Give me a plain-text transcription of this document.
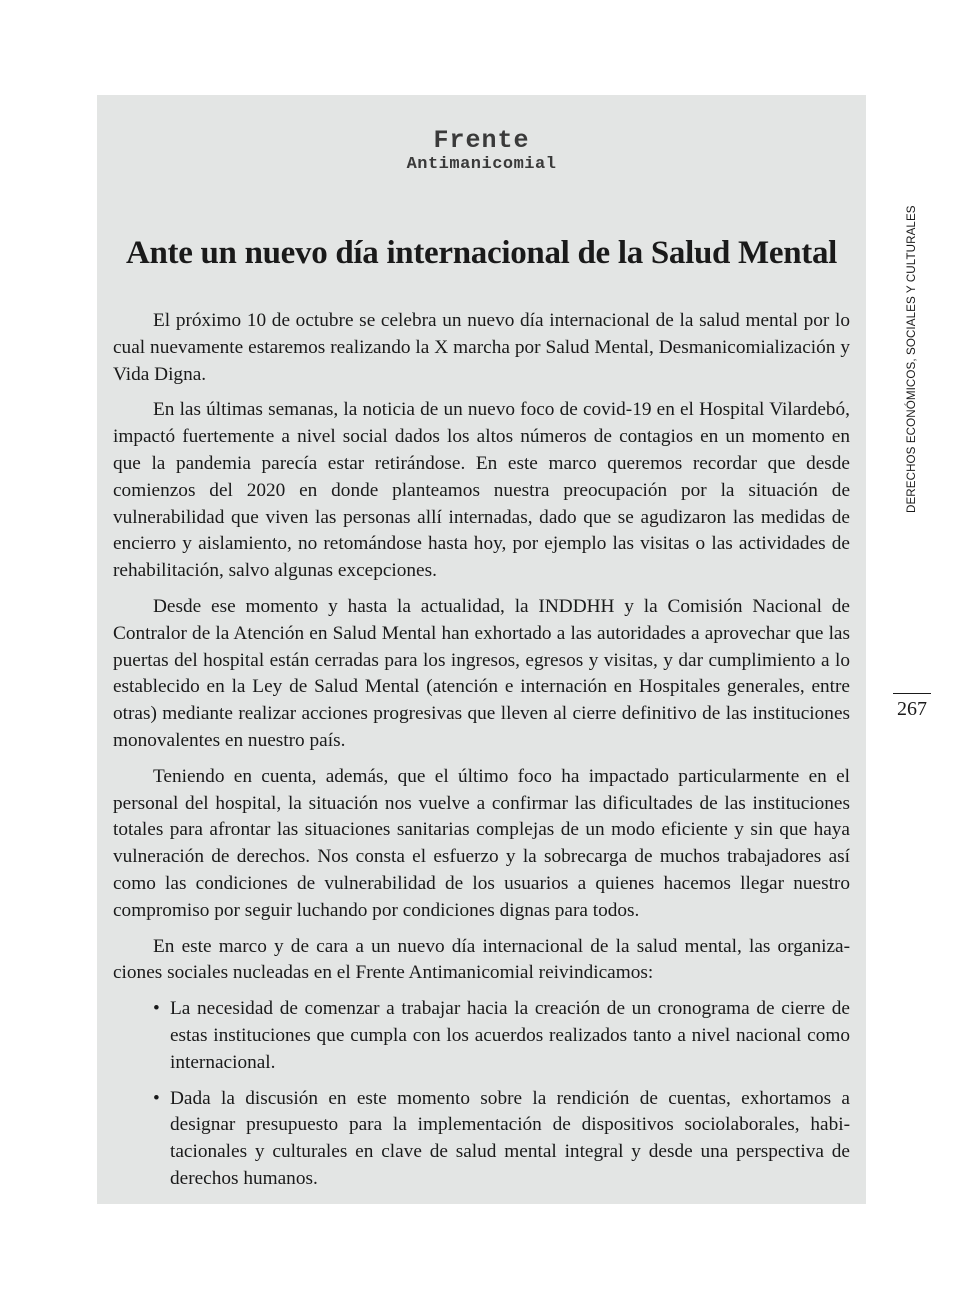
Frente
Antimanicomial
Ante un nuevo día internacional de la Salud Mental

El próximo 10 de octubre se celebra un nuevo día internacional de la salud mental por lo cual nuevamente estaremos realizando la X marcha por Salud Mental, Desmanicomialización y Vida Digna.

En las últimas semanas, la noticia de un nuevo foco de covid-19 en el Hospital Vilardebó, impactó fuertemente a nivel social dados los altos números de contagios en un momento en que la pandemia parecía estar retirándose. En este marco queremos recordar que desde comienzos del 2020 en donde planteamos nuestra preocupación por la situación de vulnerabilidad que viven las personas allí internadas, dado que se agudizaron las medidas de encierro y aislamiento, no retomándose hasta hoy, por ejemplo las visitas o las actividades de rehabilitación, salvo algunas excepciones.

Desde ese momento y hasta la actualidad, la INDDHH y la Comisión Nacional de Contralor de la Atención en Salud Mental han exhortado a las autoridades a aprovechar que las puertas del hospital están cerradas para los ingresos, egresos y visitas, y dar cumplimiento a lo establecido en la Ley de Salud Mental (atención e internación en Hospitales generales, entre otras) mediante realizar acciones progresivas que lleven al cierre definitivo de las instituciones monovalentes en nuestro país.

Teniendo en cuenta, además, que el último foco ha impactado particularmente en el personal del hospital, la situación nos vuelve a confirmar las dificultades de las instituciones totales para afrontar las situaciones sanitarias complejas de un modo eficiente y sin que haya vulneración de derechos. Nos consta el esfuerzo y la sobrecarga de muchos trabajadores así como las condiciones de vulnerabilidad de los usuarios a quienes hacemos llegar nuestro compromiso por seguir luchando por condiciones dignas para todos.

En este marco y de cara a un nuevo día internacional de la salud mental, las organizaciones sociales nucleadas en el Frente Antimanicomial reivindicamos:

• La necesidad de comenzar a trabajar hacia la creación de un cronograma de cierre de estas instituciones que cumpla con los acuerdos realizados tanto a nivel nacional como internacional.
• Dada la discusión en este momento sobre la rendición de cuentas, exhortamos a designar presupuesto para la implementación de dispositivos sociolaborales, habitacionales y culturales en clave de salud mental integral y desde una perspectiva de derechos humanos.
DERECHOS ECONÓMICOS, SOCIALES Y CULTURALES
267
